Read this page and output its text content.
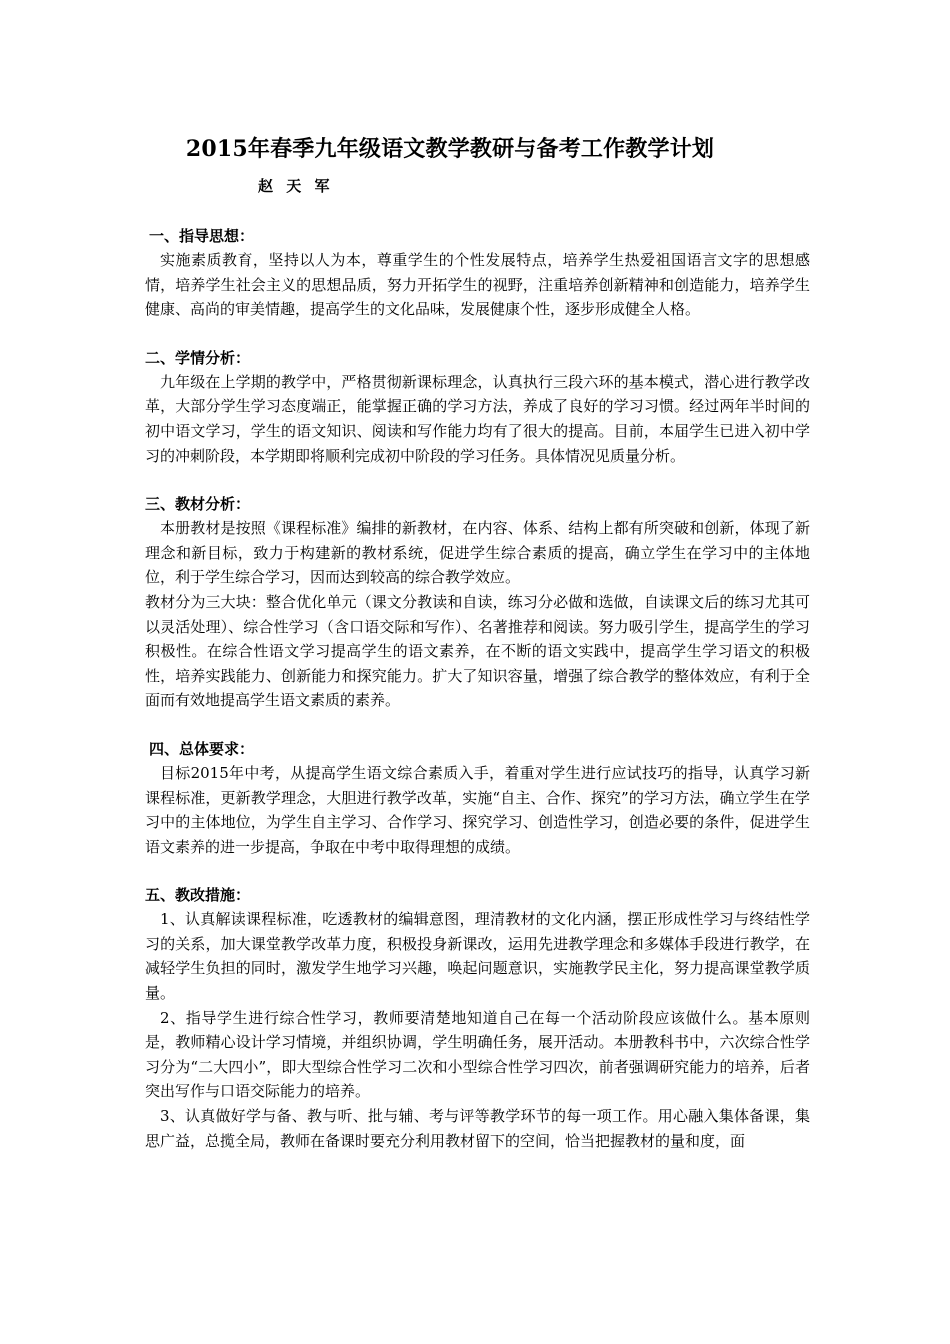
2015年春季九年级语文教学教研与备考工作教学计划
赵 天 军

一、指导思想：

实施素质教育，坚持以人为本，尊重学生的个性发展特点，培养学生热爱祖国语言文字的思想感情，培养学生社会主义的思想品质，努力开拓学生的视野，注重培养创新精神和创造能力，培养学生健康、高尚的审美情趣，提高学生的文化品味，发展健康个性，逐步形成健全人格。

二、学情分析：

九年级在上学期的教学中，严格贯彻新课标理念，认真执行三段六环的基本模式，潜心进行教学改革，大部分学生学习态度端正，能掌握正确的学习方法，养成了良好的学习习惯。经过两年半时间的初中语文学习，学生的语文知识、阅读和写作能力均有了很大的提高。目前，本届学生已进入初中学习的冲刺阶段，本学期即将顺利完成初中阶段的学习任务。具体情况见质量分析。

三、教材分析：

本册教材是按照《课程标准》编排的新教材，在内容、体系、结构上都有所突破和创新，体现了新理念和新目标，致力于构建新的教材系统，促进学生综合素质的提高，确立学生在学习中的主体地位，利于学生综合学习，因而达到较高的综合教学效应。

教材分为三大块：整合优化单元（课文分教读和自读，练习分必做和选做，自读课文后的练习尤其可以灵活处理）、综合性学习（含口语交际和写作）、名著推荐和阅读。努力吸引学生，提高学生的学习积极性。在综合性语文学习提高学生的语文素养，在不断的语文实践中，提高学生学习语文的积极性，培养实践能力、创新能力和探究能力。扩大了知识容量，增强了综合教学的整体效应，有利于全面而有效地提高学生语文素质的素养。

四、总体要求：

目标2015年中考，从提高学生语文综合素质入手，着重对学生进行应试技巧的指导，认真学习新课程标准，更新教学理念，大胆进行教学改革，实施“自主、合作、探究”的学习方法，确立学生在学习中的主体地位，为学生自主学习、合作学习、探究学习、创造性学习，创造必要的条件，促进学生语文素养的进一步提高，争取在中考中取得理想的成绩。

五、教改措施：

1、认真解读课程标准，吃透教材的编辑意图，理清教材的文化内涵，摆正形成性学习与终结性学习的关系，加大课堂教学改革力度，积极投身新课改，运用先进教学理念和多媒体手段进行教学，在减轻学生负担的同时，激发学生地学习兴趣，唤起问题意识，实施教学民主化，努力提高课堂教学质量。

2、指导学生进行综合性学习，教师要清楚地知道自己在每一个活动阶段应该做什么。基本原则是，教师精心设计学习情境，并组织协调，学生明确任务，展开活动。本册教科书中，六次综合性学习分为“二大四小”，即大型综合性学习二次和小型综合性学习四次，前者强调研究能力的培养，后者突出写作与口语交际能力的培养。

3、认真做好学与备、教与听、批与辅、考与评等教学环节的每一项工作。用心融入集体备课，集思广益，总揽全局，教师在备课时要充分利用教材留下的空间，恰当把握教材的量和度，面
